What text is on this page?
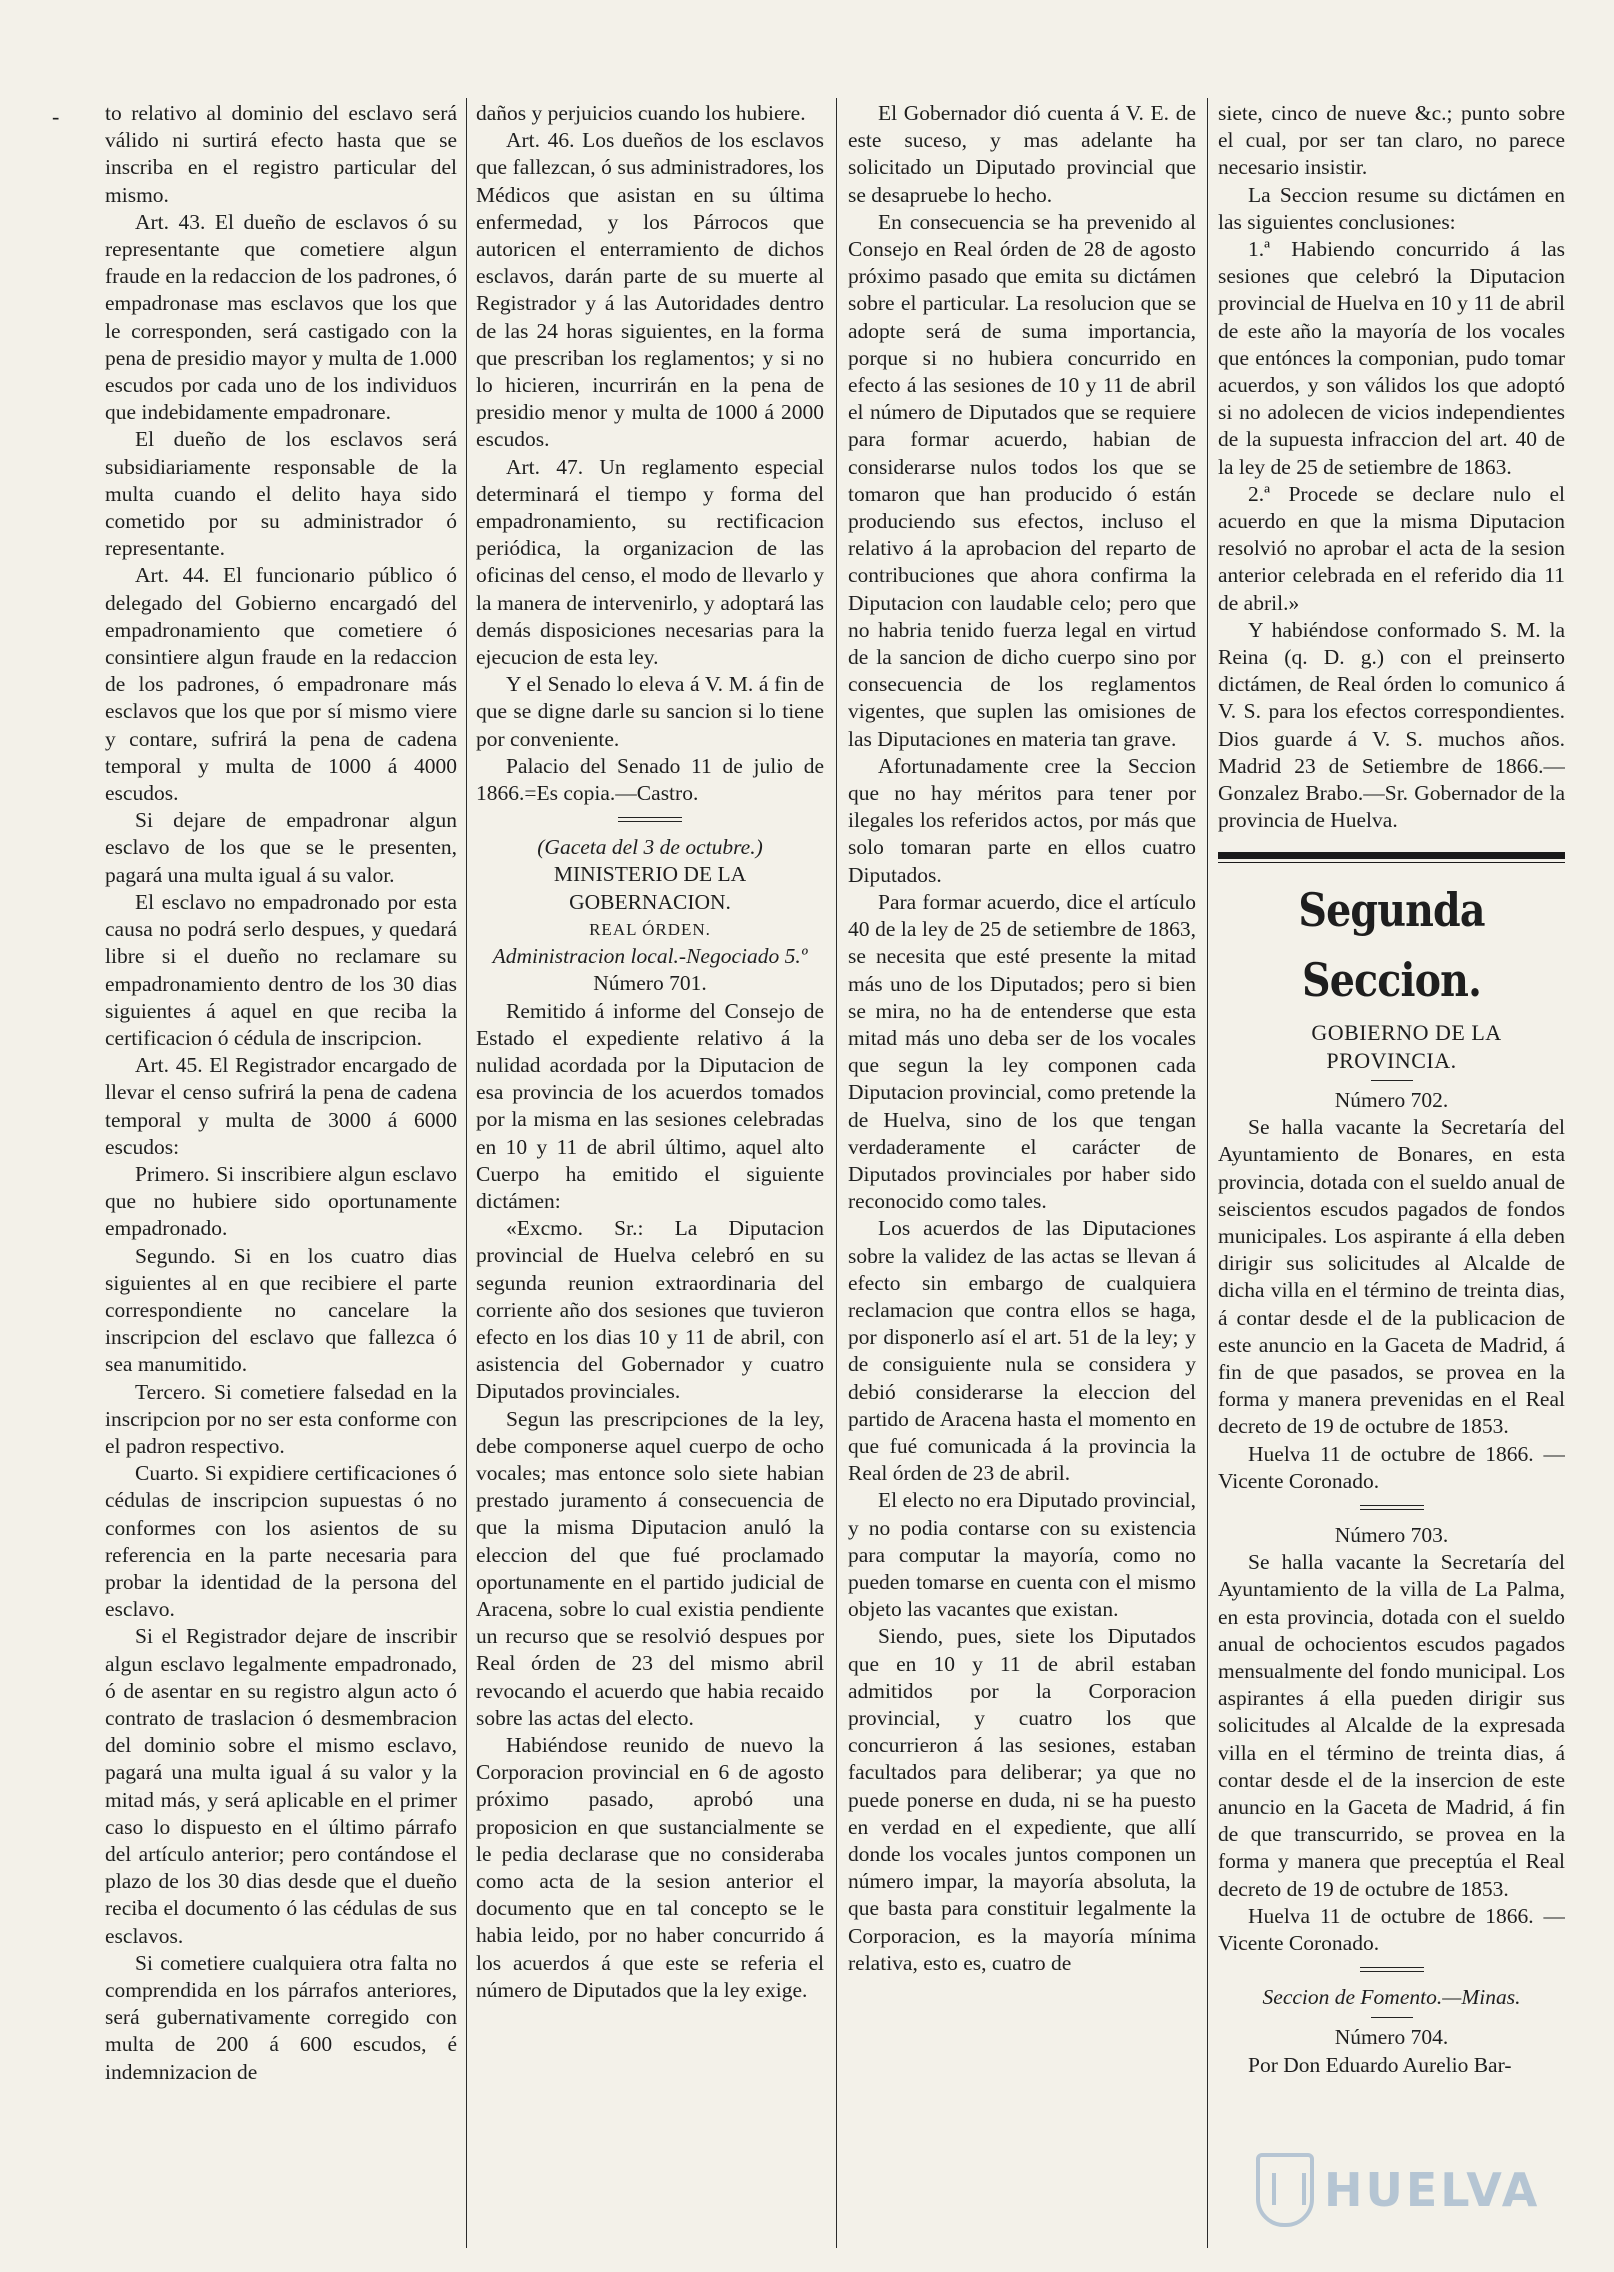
- to relativo al dominio del esclavo será válido ni surtirá efecto hasta que se inscriba en el registro particular del mismo.

Art. 43. El dueño de esclavos ó su representante que cometiere algun fraude en la redaccion de los padrones, ó empadronase mas esclavos que los que le corresponden, será castigado con la pena de presidio mayor y multa de 1.000 escudos por cada uno de los individuos que indebidamente empadronare.

El dueño de los esclavos será subsidiariamente responsable de la multa cuando el delito haya sido cometido por su administrador ó representante.

Art. 44. El funcionario público ó delegado del Gobierno encargadó del empadronamiento que cometiere ó consintiere algun fraude en la redaccion de los padrones, ó empadronare más esclavos que los que por sí mismo viere y contare, sufrirá la pena de cadena temporal y multa de 1000 á 4000 escudos.

Si dejare de empadronar algun esclavo de los que se le presenten, pagará una multa igual á su valor.

El esclavo no empadronado por esta causa no podrá serlo despues, y quedará libre si el dueño no reclamare su empadronamiento dentro de los 30 dias siguientes á aquel en que reciba la certificacion ó cédula de inscripcion.

Art. 45. El Registrador encargado de llevar el censo sufrirá la pena de cadena temporal y multa de 3000 á 6000 escudos:

Primero. Si inscribiere algun esclavo que no hubiere sido oportunamente empadronado.

Segundo. Si en los cuatro dias siguientes al en que recibiere el parte correspondiente no cancelare la inscripcion del esclavo que fallezca ó sea manumitido.

Tercero. Si cometiere falsedad en la inscripcion por no ser esta conforme con el padron respectivo.

Cuarto. Si expidiere certificaciones ó cédulas de inscripcion supuestas ó no conformes con los asientos de su referencia en la parte necesaria para probar la identidad de la persona del esclavo.

Si el Registrador dejare de inscribir algun esclavo legalmente empadronado, ó de asentar en su registro algun acto ó contrato de traslacion ó desmembracion del dominio sobre el mismo esclavo, pagará una multa igual á su valor y la mitad más, y será aplicable en el primer caso lo dispuesto en el último párrafo del artículo anterior; pero contándose el plazo de los 30 dias desde que el dueño reciba el documento ó las cédulas de sus esclavos.

Si cometiere cualquiera otra falta no comprendida en los párrafos anteriores, será gubernativamente corregido con multa de 200 á 600 escudos, é indemnizacion de

daños y perjuicios cuando los hubiere.

Art. 46. Los dueños de los esclavos que fallezcan, ó sus administradores, los Médicos que asistan en su última enfermedad, y los Párrocos que autoricen el enterramiento de dichos esclavos, darán parte de su muerte al Registrador y á las Autoridades dentro de las 24 horas siguientes, en la forma que prescriban los reglamentos; y si no lo hicieren, incurrirán en la pena de presidio menor y multa de 1000 á 2000 escudos.

Art. 47. Un reglamento especial determinará el tiempo y forma del empadronamiento, su rectificacion periódica, la organizacion de las oficinas del censo, el modo de llevarlo y la manera de intervenirlo, y adoptará las demás disposiciones necesarias para la ejecucion de esta ley.

Y el Senado lo eleva á V. M. á fin de que se digne darle su sancion si lo tiene por conveniente.

Palacio del Senado 11 de julio de 1866.=Es copia.—Castro.

(Gaceta del 3 de octubre.)

MINISTERIO DE LA GOBERNACION.

REAL ÓRDEN.

Administracion local.-Negociado 5.º

Número 701.

Remitido á informe del Consejo de Estado el expediente relativo á la nulidad acordada por la Diputacion de esa provincia de los acuerdos tomados por la misma en las sesiones celebradas en 10 y 11 de abril último, aquel alto Cuerpo ha emitido el siguiente dictámen:

«Excmo. Sr.: La Diputacion provincial de Huelva celebró en su segunda reunion extraordinaria del corriente año dos sesiones que tuvieron efecto en los dias 10 y 11 de abril, con asistencia del Gobernador y cuatro Diputados provinciales.

Segun las prescripciones de la ley, debe componerse aquel cuerpo de ocho vocales; mas entonce solo siete habian prestado juramento á consecuencia de que la misma Diputacion anuló la eleccion del que fué proclamado oportunamente en el partido judicial de Aracena, sobre lo cual existia pendiente un recurso que se resolvió despues por Real órden de 23 del mismo abril revocando el acuerdo que habia recaido sobre las actas del electo.

Habiéndose reunido de nuevo la Corporacion provincial en 6 de agosto próximo pasado, aprobó una proposicion en que sustancialmente se le pedia declarase que no consideraba como acta de la sesion anterior el documento que en tal concepto se le habia leido, por no haber concurrido á los acuerdos á que este se referia el número de Diputados que la ley exige.

El Gobernador dió cuenta á V. E. de este suceso, y mas adelante ha solicitado un Diputado provincial que se desapruebe lo hecho.

En consecuencia se ha prevenido al Consejo en Real órden de 28 de agosto próximo pasado que emita su dictámen sobre el particular. La resolucion que se adopte será de suma importancia, porque si no hubiera concurrido en efecto á las sesiones de 10 y 11 de abril el número de Diputados que se requiere para formar acuerdo, habian de considerarse nulos todos los que se tomaron que han producido ó están produciendo sus efectos, incluso el relativo á la aprobacion del reparto de contribuciones que ahora confirma la Diputacion con laudable celo; pero que no habria tenido fuerza legal en virtud de la sancion de dicho cuerpo sino por consecuencia de los reglamentos vigentes, que suplen las omisiones de las Diputaciones en materia tan grave.

Afortunadamente cree la Seccion que no hay méritos para tener por ilegales los referidos actos, por más que solo tomaran parte en ellos cuatro Diputados.

Para formar acuerdo, dice el artículo 40 de la ley de 25 de setiembre de 1863, se necesita que esté presente la mitad más uno de los Diputados; pero si bien se mira, no ha de entenderse que esta mitad más uno deba ser de los vocales que segun la ley componen cada Diputacion provincial, como pretende la de Huelva, sino de los que tengan verdaderamente el carácter de Diputados provinciales por haber sido reconocido como tales.

Los acuerdos de las Diputaciones sobre la validez de las actas se llevan á efecto sin embargo de cualquiera reclamacion que contra ellos se haga, por disponerlo así el art. 51 de la ley; y de consiguiente nula se considera y debió considerarse la eleccion del partido de Aracena hasta el momento en que fué comunicada á la provincia la Real órden de 23 de abril.

El electo no era Diputado provincial, y no podia contarse con su existencia para computar la mayoría, como no pueden tomarse en cuenta con el mismo objeto las vacantes que existan.

Siendo, pues, siete los Diputados que en 10 y 11 de abril estaban admitidos por la Corporacion provincial, y cuatro los que concurrieron á las sesiones, estaban facultados para deliberar; ya que no puede ponerse en duda, ni se ha puesto en verdad en el expediente, que allí donde los vocales juntos componen un número impar, la mayoría absoluta, la que basta para constituir legalmente la Corporacion, es la mayoría mínima relativa, esto es, cuatro de

siete, cinco de nueve &c.; punto sobre el cual, por ser tan claro, no parece necesario insistir.

La Seccion resume su dictámen en las siguientes conclusiones:

1.ª Habiendo concurrido á las sesiones que celebró la Diputacion provincial de Huelva en 10 y 11 de abril de este año la mayoría de los vocales que entónces la componian, pudo tomar acuerdos, y son válidos los que adoptó si no adolecen de vicios independientes de la supuesta infraccion del art. 40 de la ley de 25 de setiembre de 1863.

2.ª Procede se declare nulo el acuerdo en que la misma Diputacion resolvió no aprobar el acta de la sesion anterior celebrada en el referido dia 11 de abril.»

Y habiéndose conformado S. M. la Reina (q. D. g.) con el preinserto dictámen, de Real órden lo comunico á V. S. para los efectos correspondientes. Dios guarde á V. S. muchos años. Madrid 23 de Setiembre de 1866.—Gonzalez Brabo.—Sr. Gobernador de la provincia de Huelva.

Segunda Seccion.

GOBIERNO DE LA PROVINCIA.

Número 702.

Se halla vacante la Secretaría del Ayuntamiento de Bonares, en esta provincia, dotada con el sueldo anual de seiscientos escudos pagados de fondos municipales. Los aspirante á ella deben dirigir sus solicitudes al Alcalde de dicha villa en el término de treinta dias, á contar desde el de la publicacion de este anuncio en la Gaceta de Madrid, á fin de que pasados, se provea en la forma y manera prevenidas en el Real decreto de 19 de octubre de 1853.

Huelva 11 de octubre de 1866. —Vicente Coronado.

Número 703.

Se halla vacante la Secretaría del Ayuntamiento de la villa de La Palma, en esta provincia, dotada con el sueldo anual de ochocientos escudos pagados mensualmente del fondo municipal. Los aspirantes á ella pueden dirigir sus solicitudes al Alcalde de la expresada villa en el término de treinta dias, á contar desde el de la insercion de este anuncio en la Gaceta de Madrid, á fin de que transcurrido, se provea en la forma y manera que preceptúa el Real decreto de 19 de octubre de 1853.

Huelva 11 de octubre de 1866. —Vicente Coronado.

Seccion de Fomento.—Minas.

Número 704.

Por Don Eduardo Aurelio Bar-

HUELVA
